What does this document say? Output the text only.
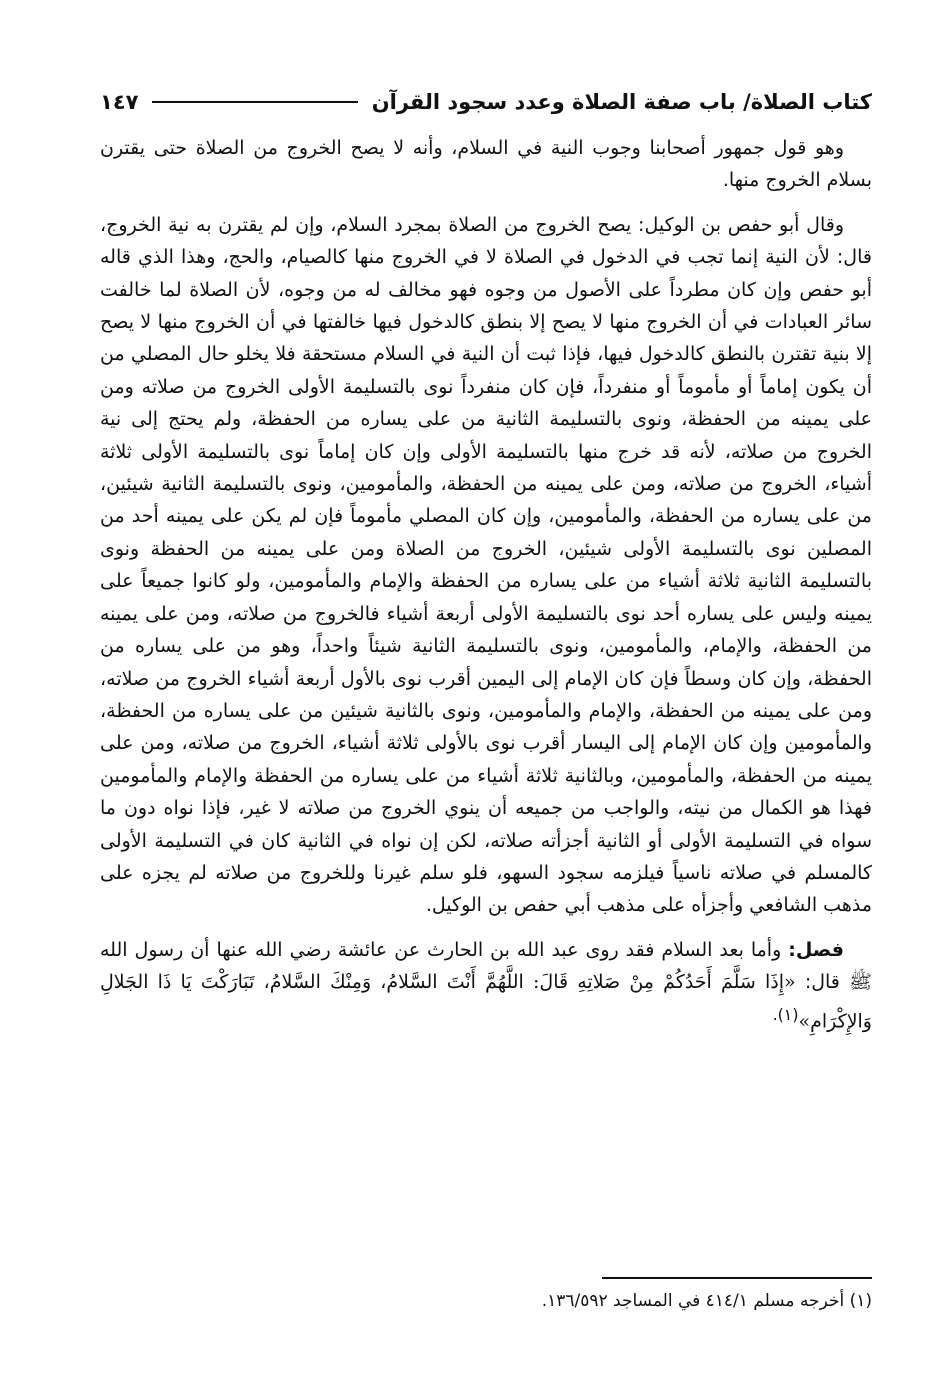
كتاب الصلاة/ باب صفة الصلاة وعدد سجود القرآن
١٤٧

وهو قول جمهور أصحابنا وجوب النية في السلام، وأنه لا يصح الخروج من الصلاة حتى يقترن بسلام الخروج منها.

وقال أبو حفص بن الوكيل: يصح الخروج من الصلاة بمجرد السلام، وإن لم يقترن به نية الخروج، قال: لأن النية إنما تجب في الدخول في الصلاة لا في الخروج منها كالصيام، والحج، وهذا الذي قاله أبو حفص وإن كان مطرداً على الأصول من وجوه فهو مخالف له من وجوه، لأن الصلاة لما خالفت سائر العبادات في أن الخروج منها لا يصح إلا بنطق كالدخول فيها خالفتها في أن الخروج منها لا يصح إلا بنية تقترن بالنطق كالدخول فيها، فإذا ثبت أن النية في السلام مستحقة فلا يخلو حال المصلي من أن يكون إماماً أو مأموماً أو منفرداً، فإن كان منفرداً نوى بالتسليمة الأولى الخروج من صلاته ومن على يمينه من الحفظة، ونوى بالتسليمة الثانية من على يساره من الحفظة، ولم يحتج إلى نية الخروج من صلاته، لأنه قد خرج منها بالتسليمة الأولى وإن كان إماماً نوى بالتسليمة الأولى ثلاثة أشياء، الخروج من صلاته، ومن على يمينه من الحفظة، والمأمومين، ونوى بالتسليمة الثانية شيئين، من على يساره من الحفظة، والمأمومين، وإن كان المصلي مأموماً فإن لم يكن على يمينه أحد من المصلين نوى بالتسليمة الأولى شيئين، الخروج من الصلاة ومن على يمينه من الحفظة ونوى بالتسليمة الثانية ثلاثة أشياء من على يساره من الحفظة والإمام والمأمومين، ولو كانوا جميعاً على يمينه وليس على يساره أحد نوى بالتسليمة الأولى أربعة أشياء فالخروج من صلاته، ومن على يمينه من الحفظة، والإمام، والمأمومين، ونوى بالتسليمة الثانية شيئاً واحداً، وهو من على يساره من الحفظة، وإن كان وسطاً فإن كان الإمام إلى اليمين أقرب نوى بالأول أربعة أشياء الخروج من صلاته، ومن على يمينه من الحفظة، والإمام والمأمومين، ونوى بالثانية شيئين من على يساره من الحفظة، والمأمومين وإن كان الإمام إلى اليسار أقرب نوى بالأولى ثلاثة أشياء، الخروج من صلاته، ومن على يمينه من الحفظة، والمأمومين، وبالثانية ثلاثة أشياء من على يساره من الحفظة والإمام والمأمومين فهذا هو الكمال من نيته، والواجب من جميعه أن ينوي الخروج من صلاته لا غير، فإذا نواه دون ما سواه في التسليمة الأولى أو الثانية أجزأته صلاته، لكن إن نواه في الثانية كان في التسليمة الأولى كالمسلم في صلاته ناسياً فيلزمه سجود السهو، فلو سلم غيرنا وللخروج من صلاته لم يجزه على مذهب الشافعي وأجزأه على مذهب أبي حفص بن الوكيل.

فصل: وأما بعد السلام فقد روى عبد الله بن الحارث عن عائشة رضي الله عنها أن رسول الله ﷺ قال: «إِذَا سَلَّمَ أَحَدُكُمْ مِنْ صَلاتِهِ قَالَ: اللَّهُمَّ أَنْتَ السَّلامُ، وَمِنْكَ السَّلامُ، تَبَارَكْتَ يَا ذَا الجَلالِ وَالإِكْرَامِ»$^{(١).}$

(١) أخرجه مسلم ٤١٤/١ في المساجد ١٣٦/٥٩٢.
